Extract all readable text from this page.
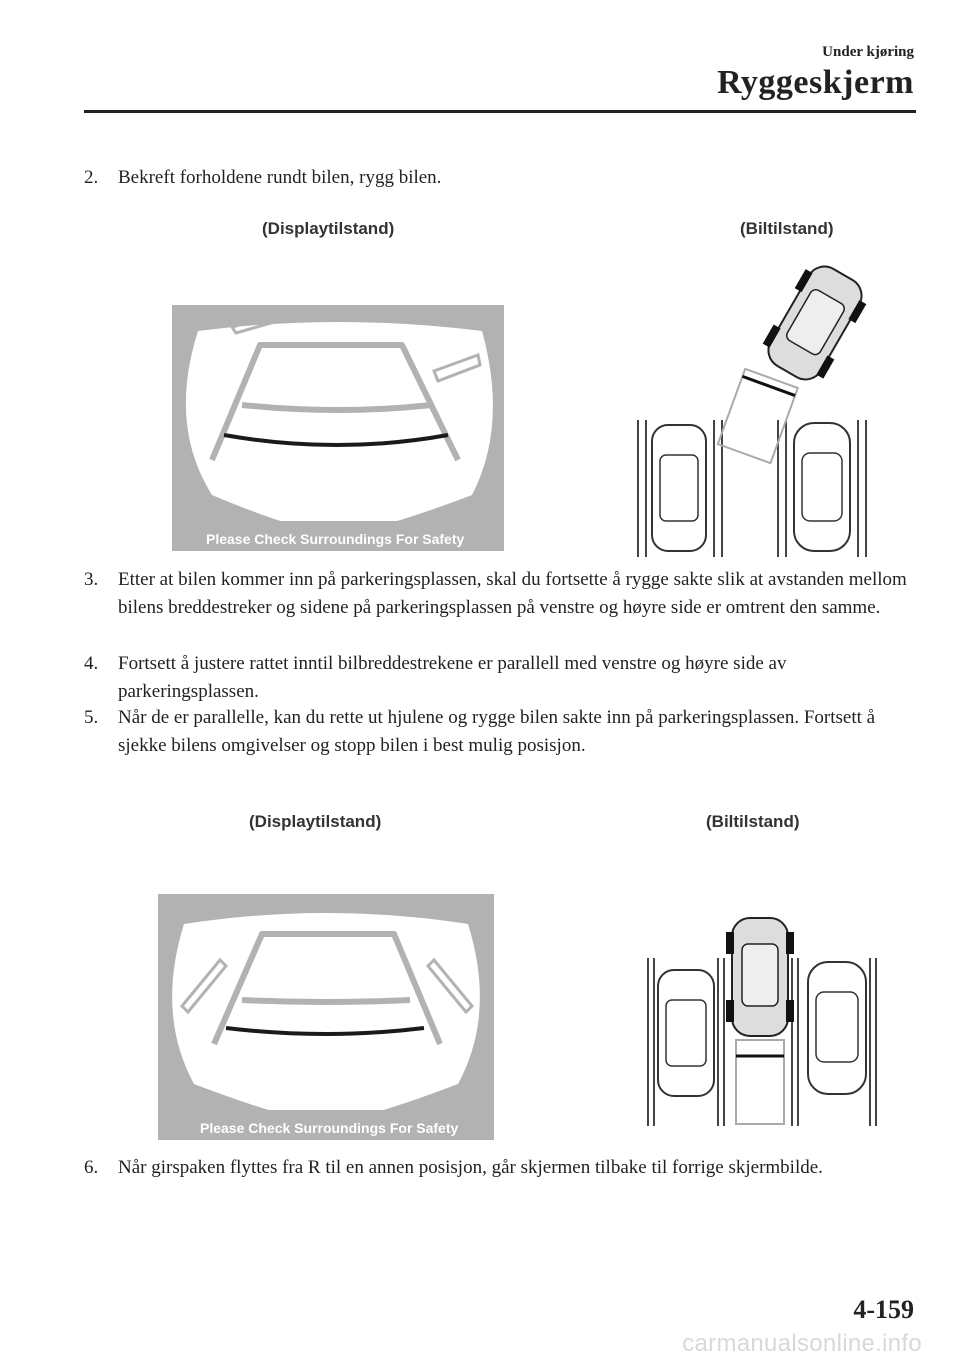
Under kjøring
Ryggeskjerm
2. Bekreft forholdene rundt bilen, rygg bilen.
(Displaytilstand)	(Biltilstand)
Please Check Surroundings For Safety
3. Etter at bilen kommer inn på parkeringsplassen, skal du fortsette å rygge sakte slik at avstanden mellom bilens breddestreker og sidene på parkeringsplassen på venstre og høyre side er omtrent den samme.
4. Fortsett å justere rattet inntil bilbreddestrekene er parallell med venstre og høyre side av parkeringsplassen.
5. Når de er parallelle, kan du rette ut hjulene og rygge bilen sakte inn på parkeringsplassen. Fortsett å sjekke bilens omgivelser og stopp bilen i best mulig posisjon.
(Displaytilstand)	(Biltilstand)
Please Check Surroundings For Safety
6. Når girspaken flyttes fra R til en annen posisjon, går skjermen tilbake til forrige skjermbilde.
4-159
carmanualsonline.info
